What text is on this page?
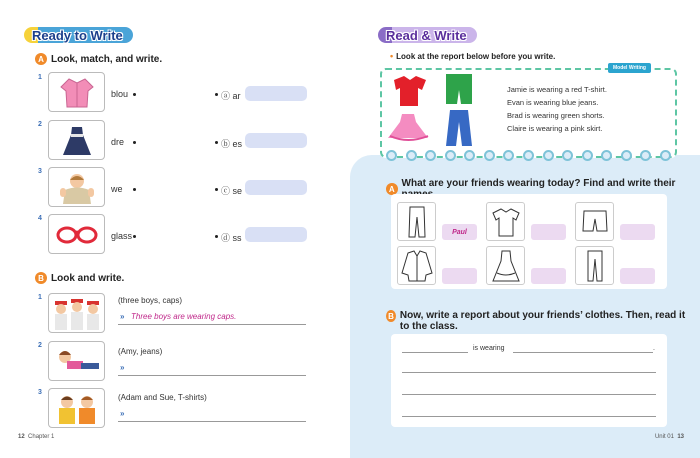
Ready to Write
A Look, match, and write.
1
blou	ⓐ ar
2
dre	ⓑ es
3
we	ⓒ se
4
glass	ⓓ ss
B Look and write.
1	(three boys, caps)
» Three boys are wearing caps.
2
(Amy, jeans)
»
3
(Adam and Sue, T-shirts)
»
12 Chapter 1
Read & Write
• Look at the report below before you write.
Model Writing
Jamie is wearing a red T-shirt.
Evan is wearing blue jeans.
Brad is wearing green shorts.
Claire is wearing a pink skirt.
A What are your friends wearing today? Find and write their
Paul
B Now, write a report about your friends’ clothes. Then, read it to the class.
is wearing	.
Unit 01 13
